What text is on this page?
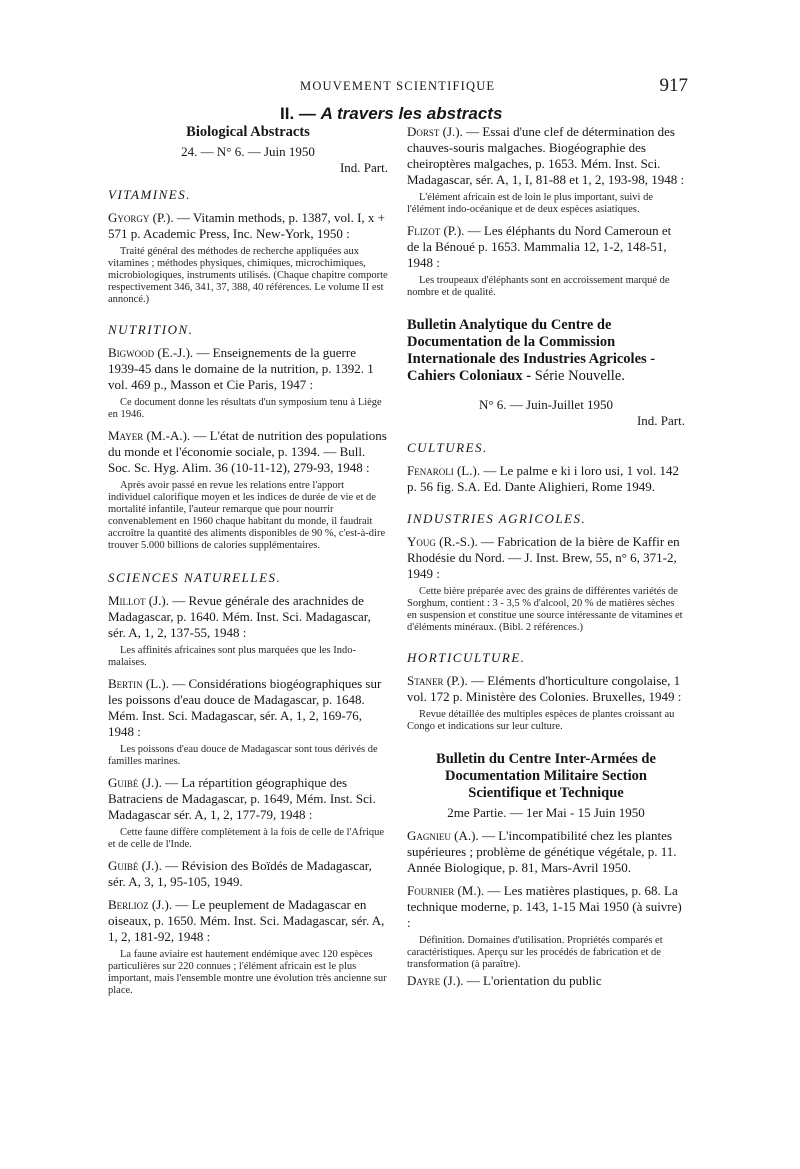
MOUVEMENT SCIENTIFIQUE	917
II. — A travers les abstracts
Biological Abstracts
24. — N° 6. — Juin 1950
Ind. Part.
VITAMINES.
Gyorgy (P.). — Vitamin methods, p. 1387, vol. I, x + 571 p. Academic Press, Inc. New-York, 1950 :
Traité général des méthodes de recherche appliquées aux vitamines ; méthodes physiques, chimiques, microchimiques, microbiologiques, instruments utilisés. (Chaque chapitre comporte respectivement 346, 341, 37, 388, 40 références. Le volume II est annoncé.)
NUTRITION.
Bigwood (E.-J.). — Enseignements de la guerre 1939-45 dans le domaine de la nutrition, p. 1392. 1 vol. 469 p., Masson et Cie Paris, 1947 :
Ce document donne les résultats d'un symposium tenu à Liège en 1946.
Mayer (M.-A.). — L'état de nutrition des populations du monde et l'économie sociale, p. 1394. — Bull. Soc. Sc. Hyg. Alim. 36 (10-11-12), 279-93, 1948 :
Après avoir passé en revue les relations entre l'apport individuel calorifique moyen et les indices de durée de vie et de mortalité infantile, l'auteur remarque que pour nourrir convenablement en 1960 chaque habitant du monde, il faudrait accroître la quantité des aliments disponibles de 90 %, c'est-à-dire trouver 5.000 billions de calories supplémentaires.
SCIENCES NATURELLES.
Millot (J.). — Revue générale des arachnides de Madagascar, p. 1640. Mém. Inst. Sci. Madagascar, sér. A, 1, 2, 137-55, 1948 :
Les affinités africaines sont plus marquées que les Indo-malaises.
Bertin (L.). — Considérations biogéographiques sur les poissons d'eau douce de Madagascar, p. 1648. Mém. Inst. Sci. Madagascar, sér. A, 1, 2, 169-76, 1948 :
Les poissons d'eau douce de Madagascar sont tous dérivés de familles marines.
Guibé (J.). — La répartition géographique des Batraciens de Madagascar, p. 1649, Mém. Inst. Sci. Madagascar sér. A, 1, 2, 177-79, 1948 :
Cette faune diffère complètement à la fois de celle de l'Afrique et de celle de l'Inde.
Guibé (J.). — Révision des Boïdés de Madagascar, sér. A, 3, 1, 95-105, 1949.
Berlioz (J.). — Le peuplement de Madagascar en oiseaux, p. 1650. Mém. Inst. Sci. Madagascar, sér. A, 1, 2, 181-92, 1948 :
La faune aviaire est hautement endémique avec 120 espèces particulières sur 220 connues ; l'élément africain est le plus important, mais l'ensemble montre une évolution très ancienne sur place.
Dorst (J.). — Essai d'une clef de détermination des chauves-souris malgaches. Biogéographie des cheiroptères malgaches, p. 1653. Mém. Inst. Sci. Madagascar, sér. A, 1, I, 81-88 et 1, 2, 193-98, 1948 :
L'élément africain est de loin le plus important, suivi de l'élément indo-océanique et de deux espèces asiatiques.
Flizot (P.). — Les éléphants du Nord Cameroun et de la Bénoué p. 1653. Mammalia 12, 1-2, 148-51, 1948 :
Les troupeaux d'éléphants sont en accroissement marqué de nombre et de qualité.
Bulletin Analytique du Centre de Documentation de la Commission Internationale des Industries Agricoles - Cahiers Coloniaux - Série Nouvelle.
N° 6. — Juin-Juillet 1950
Ind. Part.
CULTURES.
Fenaroli (L.). — Le palme e ki i loro usi, 1 vol. 142 p. 56 fig. S.A. Ed. Dante Alighieri, Rome 1949.
INDUSTRIES AGRICOLES.
Youg (R.-S.). — Fabrication de la bière de Kaffir en Rhodésie du Nord. — J. Inst. Brew, 55, n° 6, 371-2, 1949 :
Cette bière préparée avec des grains de différentes variétés de Sorghum, contient : 3 - 3,5 % d'alcool, 20 % de matières sèches en suspension et constitue une source intéressante de vitamines et d'éléments minéraux. (Bibl. 2 références.)
HORTICULTURE.
Staner (P.). — Eléments d'horticulture congolaise, 1 vol. 172 p. Ministère des Colonies. Bruxelles, 1949 :
Revue détaillée des multiples espèces de plantes croissant au Congo et indications sur leur culture.
Bulletin du Centre Inter-Armées de Documentation Militaire Section Scientifique et Technique
2me Partie. — 1er Mai - 15 Juin 1950
Gagnieu (A.). — L'incompatibilité chez les plantes supérieures ; problème de génétique végétale, p. 11. Année Biologique, p. 81, Mars-Avril 1950.
Fournier (M.). — Les matières plastiques, p. 68. La technique moderne, p. 143, 1-15 Mai 1950 (à suivre) :
Définition. Domaines d'utilisation. Propriétés comparés et caractéristiques. Aperçu sur les procédés de fabrication et de transformation (à paraître).
Dayre (J.). — L'orientation du public
